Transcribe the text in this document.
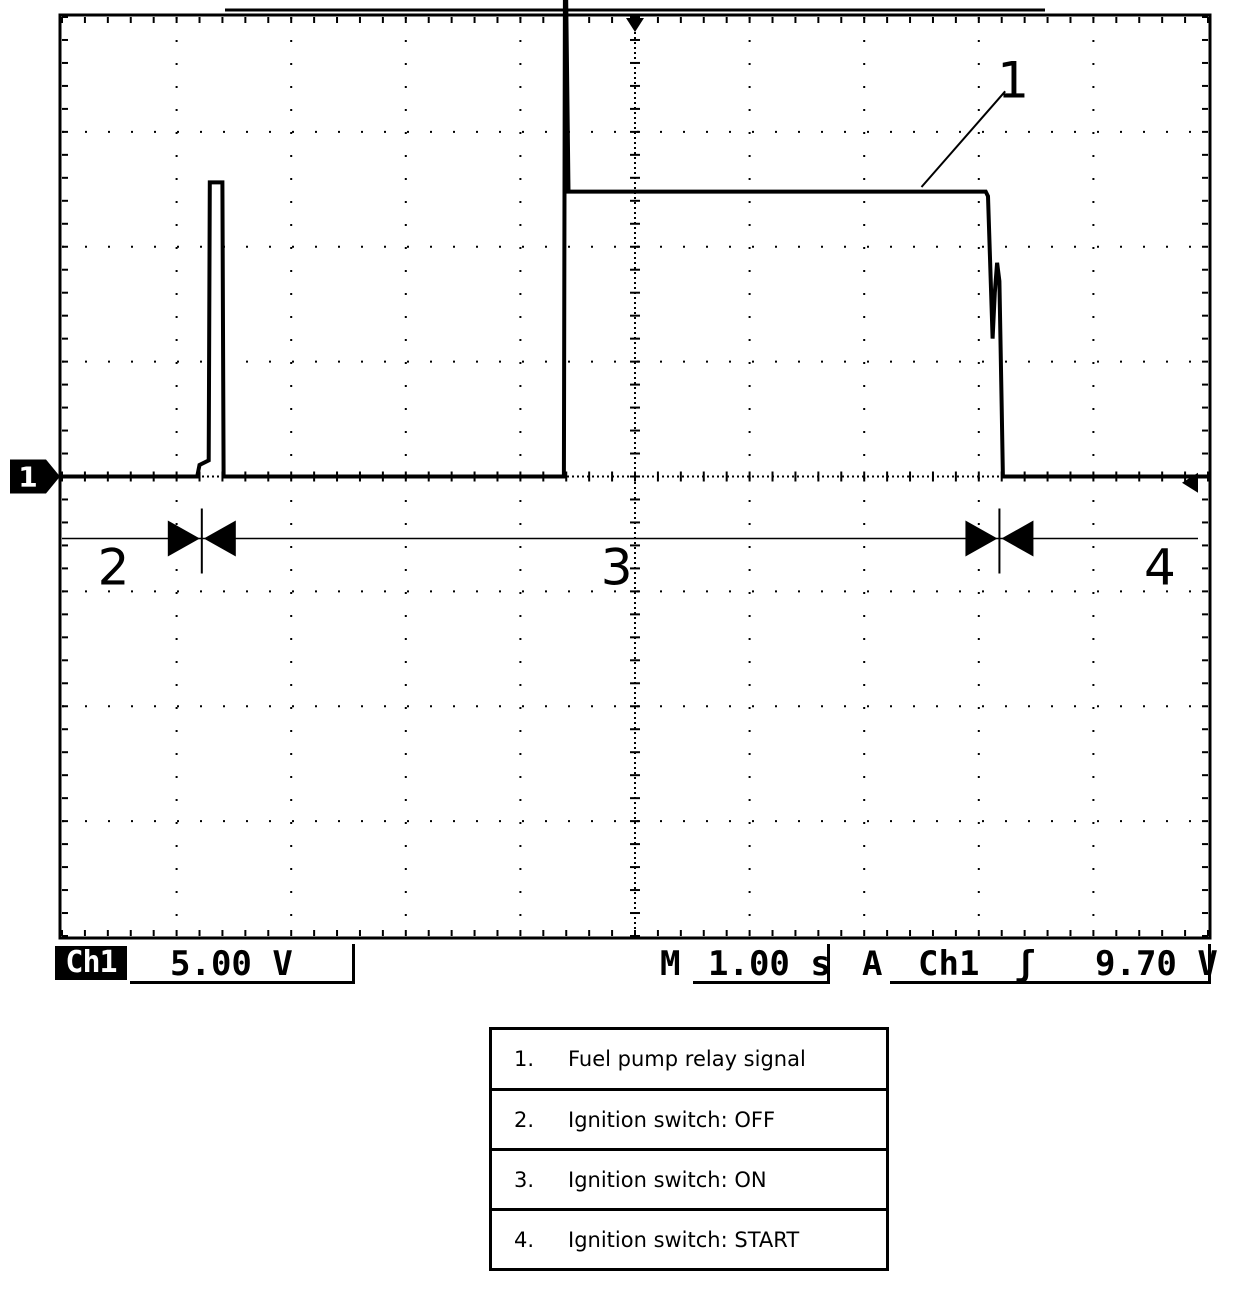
1
1
2	3	4
Ch1	5.00 V	M 1.00 s A Ch1 ʃ 9.70 V
1.	Fuel pump relay signal
2.	Ignition switch: OFF
3.	Ignition switch: ON
4.	Ignition switch: START
